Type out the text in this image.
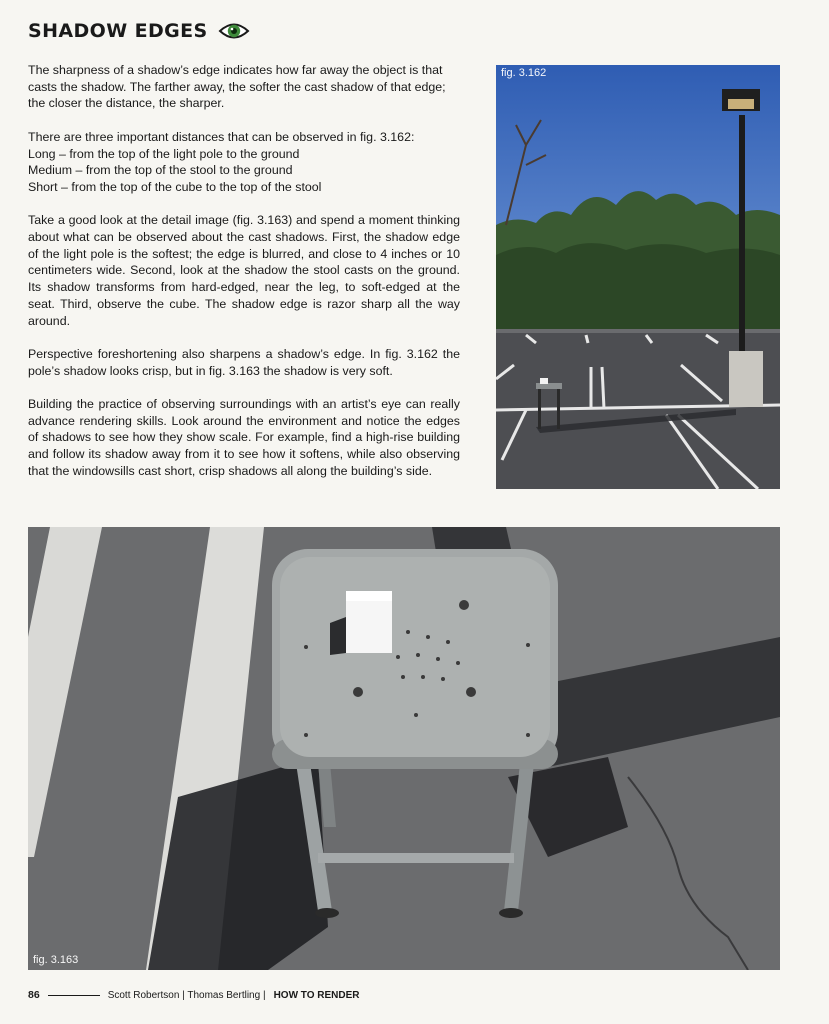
SHADOW EDGES

The sharpness of a shadow’s edge indicates how far away the object is that casts the shadow. The farther away, the softer the cast shadow of that edge; the closer the distance, the sharper.

There are three important distances that can be observed in fig. 3.162:
Long – from the top of the light pole to the ground
Medium – from the top of the stool to the ground
Short – from the top of the cube to the top of the stool

Take a good look at the detail image (fig. 3.163) and spend a moment thinking about what can be observed about the cast shadows. First, the shadow edge of the light pole is the softest; the edge is blurred, and close to 4 inches or 10 centimeters wide. Second, look at the shadow the stool casts on the ground. Its shadow transforms from hard-edged, near the leg, to soft-edged at the seat. Third, observe the cube. The shadow edge is razor sharp all the way around.

Perspective foreshortening also sharpens a shadow’s edge. In fig. 3.162 the pole’s shadow looks crisp, but in fig. 3.163 the shadow is very soft.

Building the practice of observing surroundings with an artist’s eye can really advance rendering skills. Look around the environment and notice the edges of shadows to see how they show scale. For example, find a high-rise building and follow its shadow away from it to see how it softens, while also observing that the windowsills cast short, crisp shadows all along the building’s side.

fig. 3.162
fig. 3.163
86	Scott Robertson | Thomas Bertling | HOW TO RENDER
